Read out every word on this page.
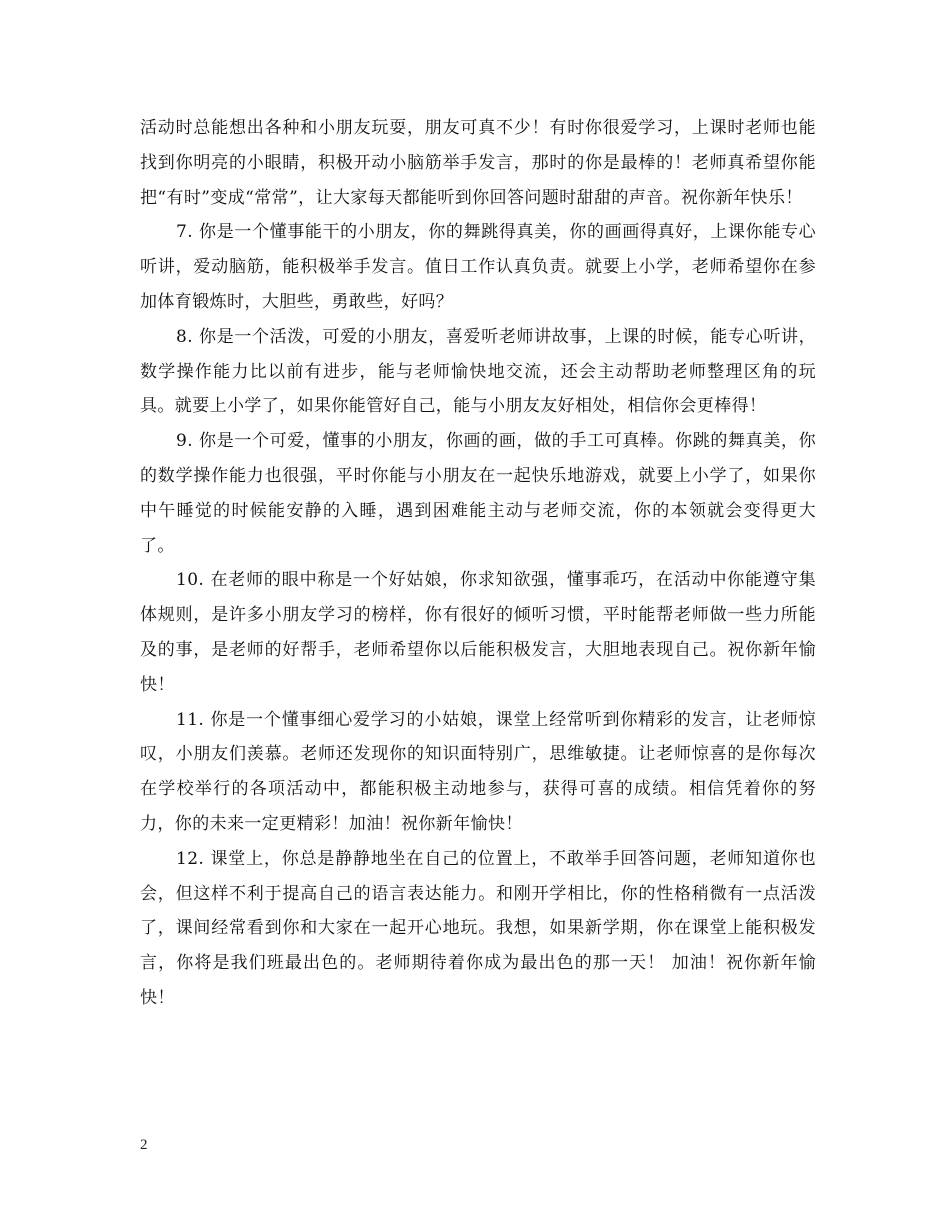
活动时总能想出各种和小朋友玩耍，朋友可真不少！有时你很爱学习，上课时老师也能找到你明亮的小眼睛，积极开动小脑筋举手发言，那时的你是最棒的！老师真希望你能把“有时”变成“常常”，让大家每天都能听到你回答问题时甜甜的声音。祝你新年快乐！

7. 你是一个懂事能干的小朋友，你的舞跳得真美，你的画画得真好，上课你能专心听讲，爱动脑筋，能积极举手发言。值日工作认真负责。就要上小学，老师希望你在参加体育锻炼时，大胆些，勇敢些，好吗？

8. 你是一个活泼，可爱的小朋友，喜爱听老师讲故事，上课的时候，能专心听讲，数学操作能力比以前有进步，能与老师愉快地交流，还会主动帮助老师整理区角的玩具。就要上小学了，如果你能管好自己，能与小朋友友好相处，相信你会更棒得！

9. 你是一个可爱，懂事的小朋友，你画的画，做的手工可真棒。你跳的舞真美，你的数学操作能力也很强，平时你能与小朋友在一起快乐地游戏，就要上小学了，如果你中午睡觉的时候能安静的入睡，遇到困难能主动与老师交流，你的本领就会变得更大了。

10. 在老师的眼中称是一个好姑娘，你求知欲强，懂事乖巧，在活动中你能遵守集体规则，是许多小朋友学习的榜样，你有很好的倾听习惯，平时能帮老师做一些力所能及的事，是老师的好帮手，老师希望你以后能积极发言，大胆地表现自己。祝你新年愉快！

11. 你是一个懂事细心爱学习的小姑娘，课堂上经常听到你精彩的发言，让老师惊叹，小朋友们羡慕。老师还发现你的知识面特别广，思维敏捷。让老师惊喜的是你每次在学校举行的各项活动中，都能积极主动地参与，获得可喜的成绩。相信凭着你的努力，你的未来一定更精彩！加油！祝你新年愉快！

12. 课堂上，你总是静静地坐在自己的位置上，不敢举手回答问题，老师知道你也会，但这样不利于提高自己的语言表达能力。和刚开学相比，你的性格稍微有一点活泼了，课间经常看到你和大家在一起开心地玩。我想，如果新学期，你在课堂上能积极发言，你将是我们班最出色的。老师期待着你成为最出色的那一天！ 加油！祝你新年愉快！

2
